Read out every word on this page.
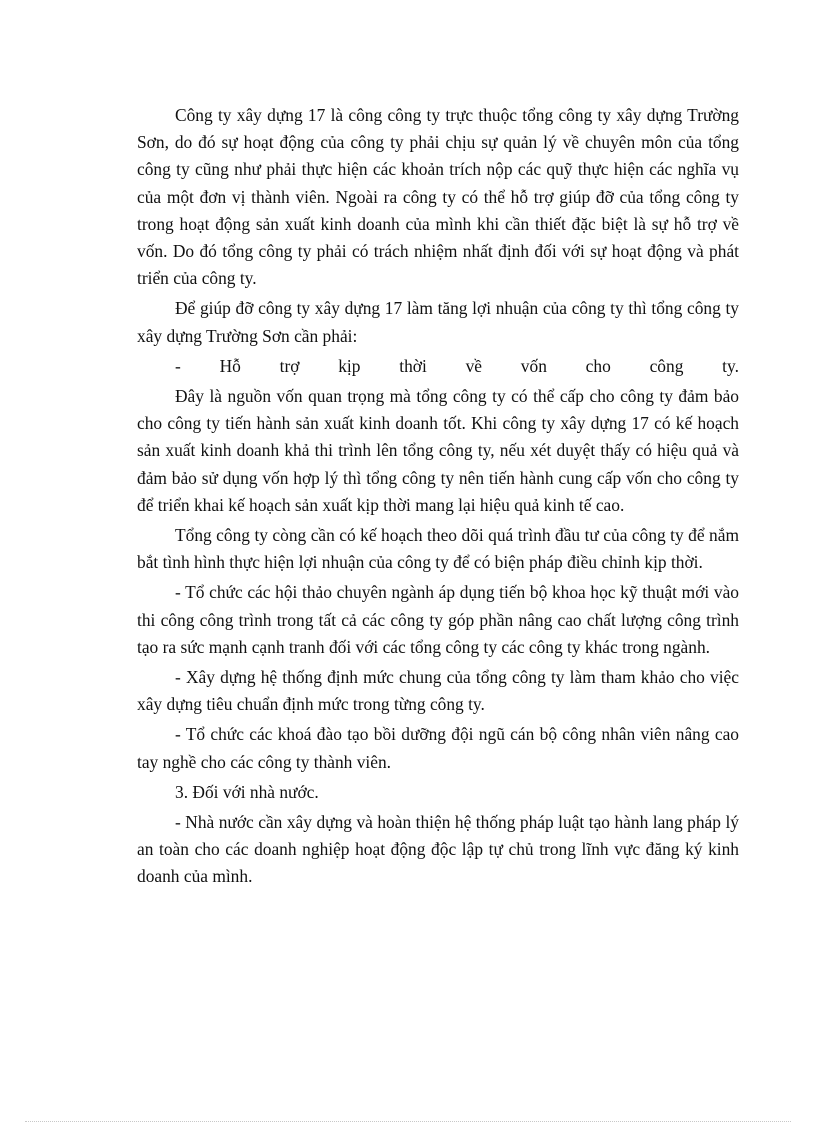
Công ty xây dựng 17 là công công ty trực thuộc tổng công ty xây dựng Trường Sơn, do đó sự hoạt động của công ty phải chịu sự quản lý về chuyên môn của tổng công ty cũng như phải thực hiện các khoản trích nộp các quỹ thực hiện các nghĩa vụ của một đơn vị thành viên. Ngoài ra công ty có thể hỗ trợ giúp đỡ của tổng công ty trong hoạt động sản xuất kinh doanh của mình khi cần thiết đặc biệt là sự hỗ trợ về vốn. Do đó tổng công ty phải có trách nhiệm nhất định đối với sự hoạt động và phát triển của công ty.

Để giúp đỡ công ty xây dựng 17 làm tăng lợi nhuận của công ty thì tổng công ty xây dựng Trường Sơn cần phải:

- Hỗ trợ kịp thời về vốn cho công ty.

Đây là nguồn vốn quan trọng mà tổng công ty có thể cấp cho công ty đảm bảo cho công ty tiến hành sản xuất kinh doanh tốt. Khi công ty xây dựng 17 có kế hoạch sản xuất kinh doanh khả thi trình lên tổng công ty, nếu xét duyệt thấy có hiệu quả và đảm bảo sử dụng vốn hợp lý thì tổng công ty nên tiến hành cung cấp vốn cho công ty để triển khai kế hoạch sản xuất kịp thời mang lại hiệu quả kinh tế cao.

Tổng công ty còng cần có kế hoạch theo dõi quá trình đầu tư của công ty để nắm bắt tình hình thực hiện lợi nhuận của công ty để có biện pháp điều chỉnh kịp thời.

- Tổ chức các hội thảo chuyên ngành áp dụng tiến bộ khoa học kỹ thuật mới vào thi công công trình trong tất cả các công ty góp phần nâng cao chất lượng công trình tạo ra sức mạnh cạnh tranh đối với các tổng công ty các công ty khác trong ngành.

- Xây dựng hệ thống định mức chung của tổng công ty làm tham khảo cho việc xây dựng tiêu chuẩn định mức trong từng công ty.

- Tổ chức các khoá đào tạo bồi dưỡng đội ngũ cán bộ công nhân viên nâng cao tay nghề cho các công ty thành viên.

3. Đối với nhà nước.

- Nhà nước cần xây dựng và hoàn thiện hệ thống pháp luật tạo hành lang pháp lý an toàn cho các doanh nghiệp hoạt động độc lập tự chủ trong lĩnh vực đăng ký kinh doanh của mình.
